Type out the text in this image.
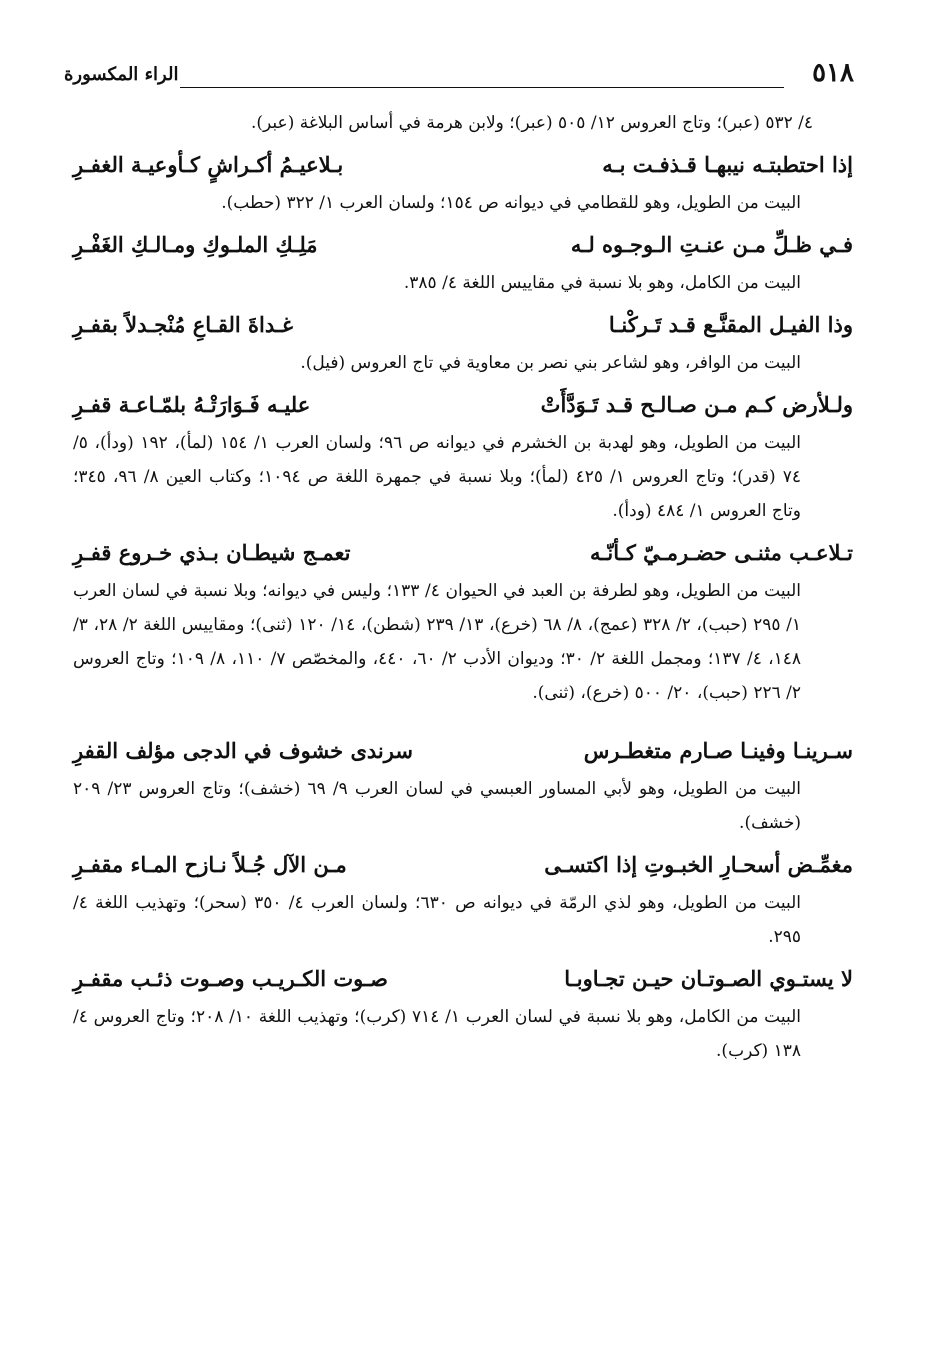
٥١٨
الراء المكسورة

٤/ ٥٣٢ (عبر)؛ وتاج العروس ١٢/ ٥٠٥ (عبر)؛ ولابن هرمة في أساس البلاغة (عبر).

إذا احتطبتـه نيبهـا قـذفـت بـه
بـلاعيـمُ أكـراشٍ كـأوعيـة الغفـرِ

البيت من الطويل، وهو للقطامي في ديوانه ص ١٥٤؛ ولسان العرب ١/ ٣٢٢ (حطب).

فـي ظـلِّ مـن عنـتِ الـوجـوه لـه
مَلِـكِ الملـوكِ ومـالـكِ الغَفْـرِ

البيت من الكامل، وهو بلا نسبة في مقاييس اللغة ٤/ ٣٨٥.

وذا الفيـل المقنَّـع قـد تَـركْنـا
غـداةَ القـاعِ مُنْجـدلاً بقفـرِ

البيت من الوافر، وهو لشاعر بني نصر بن معاوية في تاج العروس (فيل).

ولـلأرض كـم مـن صـالـح قـد تَـوَدَّأَتْ
عليـه فَـوَارَتْـهُ بلمّـاعـة قفـرِ

البيت من الطويل، وهو لهدبة بن الخشرم في ديوانه ص ٩٦؛ ولسان العرب ١/ ١٥٤ (لمأ)، ١٩٢ (ودأ)، ٥/ ٧٤ (قدر)؛ وتاج العروس ١/ ٤٢٥ (لمأ)؛ وبلا نسبة في جمهرة اللغة ص ١٠٩٤؛ وكتاب العين ٨/ ٩٦، ٣٤٥؛ وتاج العروس ١/ ٤٨٤ (ودأ).

تـلاعـب مثنـى حضـرمـيّ كـأنّـه
تعمـج شيطـان بـذي خـروع قفـرِ

البيت من الطويل، وهو لطرفة بن العبد في الحيوان ٤/ ١٣٣؛ وليس في ديوانه؛ وبلا نسبة في لسان العرب ١/ ٢٩٥ (حبب)، ٢/ ٣٢٨ (عمج)، ٨/ ٦٨ (خرع)، ١٣/ ٢٣٩ (شطن)، ١٤/ ١٢٠ (ثنى)؛ ومقاييس اللغة ٢/ ٢٨، ٣/ ١٤٨، ٤/ ١٣٧؛ ومجمل اللغة ٢/ ٣٠؛ وديوان الأدب ٢/ ٦٠، ٤٤٠، والمخصّص ٧/ ١١٠، ٨/ ١٠٩؛ وتاج العروس ٢/ ٢٢٦ (حبب)، ٢٠/ ٥٠٠ (خرع)، (ثنى).

سـرينـا وفينـا صـارم متغطـرس
سرندى خشوف في الدجى مؤلف القفرِ

البيت من الطويل، وهو لأبي المساور العبسي في لسان العرب ٩/ ٦٩ (خشف)؛ وتاج العروس ٢٣/ ٢٠٩ (خشف).

مغمِّـض أسحـارِ الخبـوتِ إذا اكتسـى
مـن الآل جُـلاً نـازح المـاء مقفـرِ

البيت من الطويل، وهو لذي الرمّة في ديوانه ص ٦٣٠؛ ولسان العرب ٤/ ٣٥٠ (سحر)؛ وتهذيب اللغة ٤/ ٢٩٥.

لا يستـوي الصـوتـان حيـن تجـاوبـا
صـوت الكـريـب وصـوت ذئـب مقفـرِ

البيت من الكامل، وهو بلا نسبة في لسان العرب ١/ ٧١٤ (كرب)؛ وتهذيب اللغة ١٠/ ٢٠٨؛ وتاج العروس ٤/ ١٣٨ (كرب).
